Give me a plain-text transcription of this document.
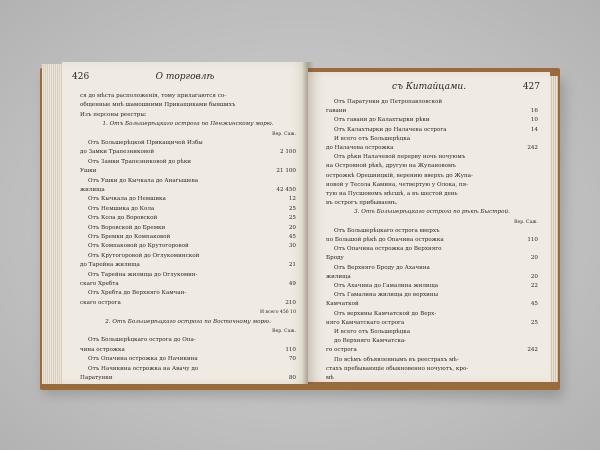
426	О торговлѣ
ся до мѣста расположенія, тому прилагаются со-
общенные мнѣ шамошними Прикащиками бывшихъ
Изъ персоны реестры:
1. Отъ Большерѣцкаго острога по Пенжинскому морю.
Вер. Саж.
Отъ Большерѣцкой Прикащичей Избы
до Замки Трапезниковой	2 100
Отъ Замки Трапезниковой до рѣки
Ушки	21 100
Отъ Ушки до Кычкала до Анагышева
жилища	42 450
Отъ Кычкала до Немшика	12
Отъ Немшика до Кола	25
Отъ Кола до Воровской	25
Отъ Воровской до Бремки	20
Отъ Бремки до Компаковой	45
Отъ Компаковой до Крутогоровой	30
Отъ Крутогоровой до Оглукоминской
до Тарейна жилища	21
Отъ Тарейна жилища до Оглукомин-
скаго Хребта	49
Отъ Хребта до Верхняго Камчан-
скаго острога	210
И всего 456 10
2. Отъ Большерѣцкаго острога по Восточному морю.
Вер. Саж.
Отъ Большерѣцкаго острога до Опа-
чина острожка	110
Отъ Опачина острожка до Начикина	70
Отъ Начикина острожка на Авачу до
Паратунки	80
съ Китайцами.	427
Отъ Паратунки до Петропавловской
гавани	16
Отъ гавани до Калахтырки рѣки	10
Отъ Калахтырки до Налачева острога	14
И всего отъ Большерѣцка
до Налачева острожка	242
Отъ рѣки Налачевой перерву ночь ночуюмъ
на Островной рѣкѣ, другую на Жупановомъ
острожкѣ Орешницкій, верению вверхъ до Жупа-
новой у Тесола Камина, четвертую у Олока, пя-
тую на Пусшовомъ мѣсшѣ, а въ шестой день
въ острогъ прибываемъ.
3. Отъ Большерѣцкаго острога по рѣкѣ Быстрой.
Вер. Саж.
Отъ Большерѣцкаго острога вверхъ
по Большой рѣкѣ до Опачина острожка	110
Отъ Опачина острожка до Верхняго
Броду	20
Отъ Верхняго Броду до Ахачина
жилища	20
Отъ Ахачина до Гамалина жилища	22
Отъ Гамалина жилища до верхины
Камчаткой	45
Отъ верхины Камчатской до Верх-
няго Камчатскаго острога	25
И всего отъ Большерѣцка
до Верхняго Камчатска-
го острога	242
По всѣмъ объявленнымъ въ реестрахъ мѣ-
стахъ пребывающіе обыкновенно ночуютъ, кро-
мѣ
